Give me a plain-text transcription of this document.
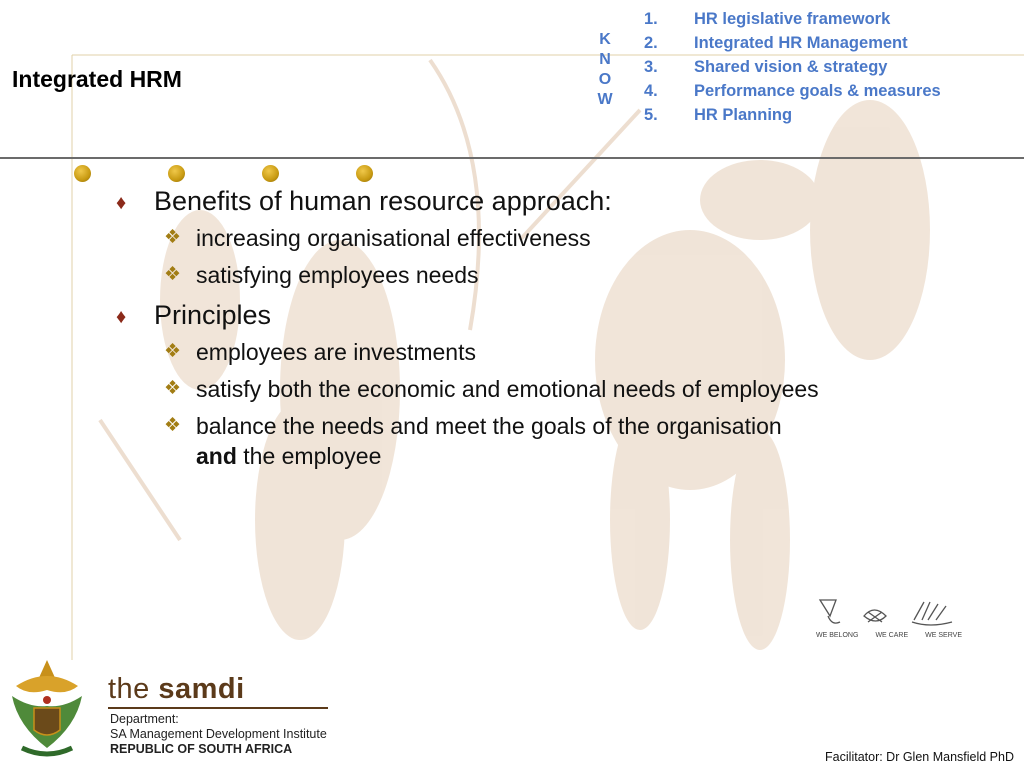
Integrated HRM
K
N
O
W
1.	HR legislative framework
2.	Integrated HR Management
3.	Shared vision & strategy
4.	Performance goals & measures
5.	HR Planning
♦	Benefits of human resource approach:
❖ increasing organisational effectiveness
❖ satisfying employees needs
♦	Principles
❖ employees are investments
❖ satisfy both the economic and emotional needs of employees
❖ balance the needs and meet the goals of the organisation
and the employee
WE BELONG WE CARE WE SERVE
the samdi
Department:
SA Management Development Institute
REPUBLIC OF SOUTH AFRICA
Facilitator: Dr Glen Mansfield PhD
